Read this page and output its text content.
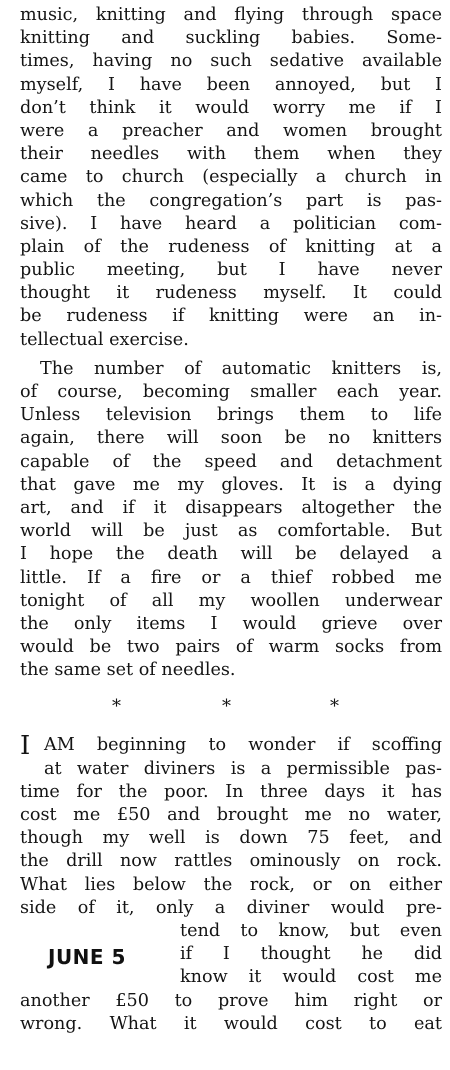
music, knitting and flying through space
knitting and suckling babies. Some-
times, having no such sedative available
myself, I have been annoyed, but I
don’t think it would worry me if I
were a preacher and women brought
their needles with them when they
came to church (especially a church in
which the congregation’s part is pas-
sive). I have heard a politician com-
plain of the rudeness of knitting at a
public meeting, but I have never
thought it rudeness myself. It could
be rudeness if knitting were an in-
tellectual exercise.
The number of automatic knitters is,
of course, becoming smaller each year.
Unless television brings them to life
again, there will soon be no knitters
capable of the speed and detachment
that gave me my gloves. It is a dying
art, and if it disappears altogether the
world will be just as comfortable. But
I hope the death will be delayed a
little. If a fire or a thief robbed me
tonight of all my woollen underwear
the only items I would grieve over
would be two pairs of warm socks from
the same set of needles.
*	*	*
I AM beginning to wonder if scoffing
at water diviners is a permissible pas-
time for the poor. In three days it has
cost me £50 and brought me no water,
though my well is down 75 feet, and
the drill now rattles ominously on rock.
What lies below the rock, or on either
side of it, only a diviner would pre-
tend to know, but even
JUNE 5	if I thought he did
know it would cost me
another £50 to prove him right or
wrong. What it would cost to eat
